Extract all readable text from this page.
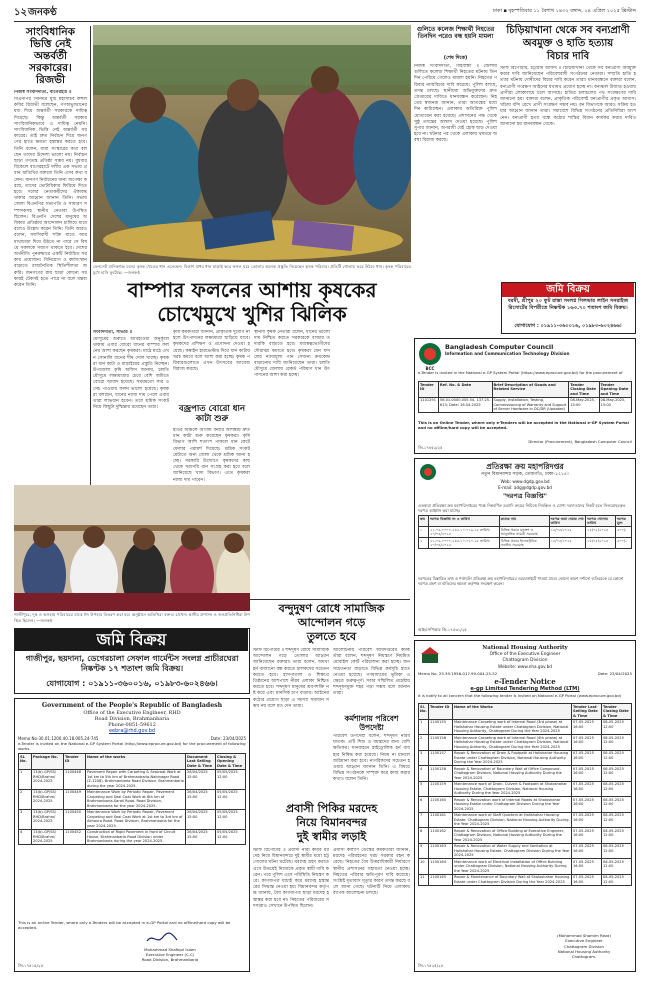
১২ জনকণ্ঠ	ঢাকা ▪ বৃহস্পতিবার ১১ বৈশাখ ১৪৩২ বঙ্গাব্দ, ২৪ এপ্রিল ২০২৫ খ্রিস্টাব্দ
সাংবিধানিক ভিত্তি নেই অন্তর্বর্তী সরকারের। রিজভী
নিজস্ব সংবাদদাতা, বাগেরহাট ॥
বিএনপির সিনিয়র যুগ্ম মহাসচিব রুহুল কবির রিজভী বলেছেন, গণঅভ্যুত্থানের মধ্য দিয়ে অন্তর্বর্তী সরকারকে দায়িত্ব দিয়েছে। কিন্তু অন্তর্বর্তী সরকার সাংবিধানিকভাবে এ দায়িত্ব নেয়নি। সাংবিধানিক ভিত্তি নেই অন্তর্বর্তী সরকারের। তাই দ্রুত নির্বাচন দিয়ে জনগণের হাতে ক্ষমতা হস্তান্তর করতে হবে। তিনি বলেন, যারা সংস্কারের কথা বলছেন তাদের উদ্দেশ্য ভালো নয়। নির্বাচন ছাড়া গণতন্ত্র প্রতিষ্ঠা সম্ভব নয়। বুধবার বিকেলে বাগেরহাটে দলীয় এক সভায় প্রধান অতিথির বক্তব্যে তিনি এসব কথা বলেন। জনগণ নির্বাচনের জন্য অপেক্ষা করছে, তাদের ভোটাধিকার ফিরিয়ে দিতে হবে। দলের নেতাকর্মীদের ঐক্যবদ্ধ থাকার আহ্বান জানান তিনি। সভায় জেলা বিএনপির সভাপতি ও সাধারণ সম্পাদকসহ স্থানীয় নেতারা উপস্থিত ছিলেন। বিএনপি দেশের মানুষের অধিকার প্রতিষ্ঠায় আন্দোলন চালিয়ে যাবে বলেও উল্লেখ করেন তিনি। তিনি আরও বলেন, ফ্যাসিবাদী শক্তি যাতে আর মাথাচাড়া দিয়ে উঠতে না পারে সে বিষয়ে সকলকে সজাগ থাকতে হবে। দেশের অর্থনীতি পুনরুদ্ধারে একটি নির্বাচিত সরকার প্রয়োজন। বিনিয়োগ ও কর্মসংস্থান বাড়াতে রাজনৈতিক স্থিতিশীলতা জরুরি। জনগণের রায় ছাড়া কোনো সরকারই টেকসই হতে পারে না বলে মন্তব্য করেন তিনি।
ফেনসেট মানিকগঞ্জ মনের কৃষক খেতের ধান এনেছেন। বিকাশ মাধব ধান মাড়াই করে ফসল ঘরে তোলার অনেক প্রস্তুতি নিয়েছেন কৃষক পরিবার। প্রতিটি গোলায় ভরে উঠবে ধান। কৃষক পরিবারের মুখে হাসি ফুটেছে। —জনকণ্ঠ
বাম্পার ফলনের আশায় কৃষকের
চোখেমুখে খুশির ঝিলিক
সংবাদদাতা, সাভার ॥
মৌসুমের শুরুতে আবহাওয়া অনুকূলে থাকায় এবার বোরো ধানের বাম্পার ফলনের আশা করছেন কৃষকরা। মাঠে মাঠে এখন সোনালি ধানের শীষ দোল খাচ্ছে। কৃষকরা ধান কাটা ও মাড়াইয়ের প্রস্তুতি নিচ্ছেন। উপজেলা কৃষি অফিস জানায়, চলতি মৌসুমে লক্ষ্যমাত্রার চেয়ে বেশি জমিতে বোরো আবাদ হয়েছে। সময়মতো সার ও সেচ পাওয়ায় ফলন ভালো হয়েছে। কৃষকরা বলছেন, ধানের ন্যায্য দাম পেলে এবার তারা লাভবান হবেন। তবে শ্রমিক সংকট নিয়ে কিছুটা দুশ্চিন্তায় রয়েছেন তারা।
কৃষি কর্মকর্তারা জানান, প্রাকৃতিক দুর্যোগ না হলে উৎপাদনের লক্ষ্যমাত্রা ছাড়িয়ে যাবে। কৃষকদের প্রশিক্ষণ ও প্রণোদনা দেওয়া হয়েছে। কম্বাইন হারভেস্টার দিয়ে ধান কাটায় খরচ কমবে বলে আশা করা হচ্ছে। কৃষক পরিবারগুলোতে এখন উৎসবের আমেজ বিরাজ করছে।
বজ্রপাত বোরো ধান কাটা শুরু
হাওর অঞ্চলে আগাম বন্যার আশঙ্কায় দ্রুত ধান কাটা শুরু করেছেন কৃষকরা। কৃষি বিভাগ আশি শতাংশ পাকলে ধান কেটে ফেলার পরামর্শ দিয়েছে। শ্রমিক সংকট মেটাতে অন্য জেলা থেকে শ্রমিক আনা হচ্ছে। সরকারি উদ্যোগে কৃষকদের কাছ থেকে সরাসরি ধান সংগ্রহ করা হবে বলে জানিয়েছে খাদ্য বিভাগ। এতে কৃষকরা ন্যায্য দাম পাবেন।
স্থানীয় কৃষক নেতারা বলেন, ধানের ভালো দাম নিশ্চিত করতে সরকারকে বাজার তদারকি বাড়াতে হবে। মধ্যস্বত্বভোগীদের দৌরাত্ম্য কমাতে হবে। কৃষকরা যেন ফসলের ন্যায্যমূল্য পান সেজন্য ক্রয়কেন্দ্র বাড়ানোর দাবি জানিয়েছেন তারা। চলতি মৌসুমে জেলায় রেকর্ড পরিমাণ ধান উৎপাদনের আশা করা হচ্ছে।
গুলিতে কলেজ শিক্ষার্থী নিহতের তিনদিন পরেও বন্ধ হয়নি মামলা
(শেষ দিকে)
নিজস্ব সংবাদদাতা, গাইবান্ধা ॥ জেলায় গুলিতে কলেজ শিক্ষার্থী নিহতের ঘটনায় তিনদিন পেরিয়ে গেলেও মামলা হয়নি। নিহতের পরিবার ন্যায়বিচার দাবি করেছে। পুলিশ বলছে, তদন্ত চলছে। স্থানীয়রা অভিযুক্তদের দ্রুত গ্রেপ্তারের দাবিতে মানববন্ধন করেছেন। নিহতের স্বজনরা জানান, তারা আতঙ্কের মধ্যে দিন কাটাচ্ছেন। এলাকায় অতিরিক্ত পুলিশ মোতায়েন করা হয়েছে। প্রশাসনের পক্ষ থেকে সুষ্ঠু তদন্তের আশ্বাস দেওয়া হয়েছে। পুলিশ সুপার জানান, অপরাধী যেই হোক ছাড় দেওয়া হবে না। ঘটনার পর থেকে এলাকায় থমথমে অবস্থা বিরাজ করছে।
চিড়িয়াখানা থেকে সব বন্যপ্রাণী
অবমুক্ত ও হাতি হত্যায়
বিচার দাবি
স্টাফ রিপোর্টার, চট্টগ্রাম অফিস ॥ চিড়িয়াখানা থেকে সব বন্যপ্রাণী অবমুক্ত করার দাবি জানিয়েছেন পরিবেশবাদী সংগঠনের নেতারা। সম্প্রতি হাতি হত্যার ঘটনায় দোষীদের বিচার দাবি করেন তারা। মানববন্ধনে বক্তারা বলেন, বন্যপ্রাণী সংরক্ষণ আইনের যথাযথ প্রয়োগ হচ্ছে না। বনাঞ্চল উজাড় হওয়ায় প্রাণীরা লোকালয়ে চলে আসছে। হাতির চলাচলের পথ সংরক্ষণের দাবি জানানো হয়। বক্তারা বলেন, প্রাকৃতিক পরিবেশই বন্যপ্রাণীর প্রকৃত আবাস। খাঁচায় বন্দি রেখে প্রাণী সংরক্ষণ সম্ভব নয়। বন বিভাগকে আরও সক্রিয় হওয়ার আহ্বান জানান তারা। সমাবেশে বিভিন্ন সংগঠনের প্রতিনিধিরা অংশ নেন। বন্যপ্রাণী হত্যা বন্ধে কঠোর শাস্তির বিধান কার্যকর করার দাবিও জানানো হয় মানববন্ধন থেকে।
জমি বিক্রয়
বরমী, শ্রীপুর ২০ ফুট রাস্তা সংলগ্ন সিলভার লাইন সনরাইজ রিসোর্টের বিপরীতে নিষ্কণ্টক ১৬৩.৭০ শতাংশ জমি বিক্রয়।
যোগাযোগ : ০১৯১১-৩৬০০১৬, ০১৯৮৩-৬০২৪৬৬।
BCC
Bangladesh Computer Council
Information and Communication Technology Division
e-Tender is invited in the National e-GP System Portal (https://www.eprocure.gov.bd) for the procurement of
Tender ID	Ref. No. & Date	Brief Description of Goods and Related Service	Tender Closing Date and Time	Tender Opening Date and Time
1101291	56.01.0000.005.54. 137.25-613; Date: 16.04.2025	Supply, Installation, Testing, Commissioning of Warranty and Support of Server Hardware in DC/DR (Updated)	08-May-2025, 15:00	08-May-2025, 15:00
This is an Online Tender, where only e-Tenders will be accepted in the National e-GP System Portal and no offline/hard copy will be accepted.
Director (Procurement), Bangladesh Computer Council
জি-১৭৪৫২/২৫
বন্দুদুষণ রোধে সামাজিক
আন্দোলন গড়ে
তুলতে হবে
স্টাফ রিপোর্টার ॥ শব্দদূষণ রোধে সামাজিক আন্দোলন গড়ে তোলার আহ্বান জানিয়েছেন বক্তারা। তারা বলেন, অযথা হর্ন বাজানো বন্ধ করতে চালকদের সচেতন করতে হবে। হাসপাতাল ও শিক্ষাপ্রতিষ্ঠানের আশপাশে নীরব এলাকা নিশ্চিত করতে হবে। শব্দদূষণ মানুষের শ্রবণশক্তি নষ্ট করে এবং মানসিক চাপ বাড়ায়। আইনের কঠোর প্রয়োগ ছাড়া এ সমস্যা সমাধান সম্ভব নয় বলে মত দেন তারা।
আলোচনায় পরিবেশ অধিদপ্তরের কর্মকর্তারা বলেন, শব্দদূষণ নিয়ন্ত্রণে নিয়মিত মোবাইল কোর্ট পরিচালনা করা হচ্ছে। জনসচেতনতা বাড়াতে বিভিন্ন কর্মসূচি হাতে নেওয়া হয়েছে। গণমাধ্যমের ভূমিকা এক্ষেত্রে গুরুত্বপূর্ণ। সবার সম্মিলিত প্রচেষ্টায় শব্দদূষণমুক্ত শহর গড়া সম্ভব বলে জানান তারা।
কর্মশালায় পরিবেশ উপদেষ্টা
পরিবেশ উপদেষ্টা বলেন, শব্দদূষণ নীরব ঘাতক। এটি শিশু ও বয়স্কদের জন্য বেশি ক্ষতিকর। যানবাহনে হাইড্রোলিক হর্ন ব্যবহার নিষিদ্ধ করা হয়েছে। নিয়ম না মানলে জরিমানা করা হবে। নাগরিকদের সচেতন হওয়ার আহ্বান জানান তিনি। এ বিষয়ে বিভিন্ন সংগঠনকে সম্পৃক্ত করে কাজ করার কথাও বলেন তিনি।
গাজীপুরে, দুস্থ ও অসহায় পরিবারের মাঝে ঈদ উপহার বিতরণ করা হয়। অনুষ্ঠানে অতিথিরা বক্তব্য রাখেন। স্থানীয় প্রশাসন ও জনপ্রতিনিধিরা উপস্থিত ছিলেন। —জনকণ্ঠ
জমি বিক্রয়
গাজীপুর, ছয়দানা, ডেগেরচালা সেফাল গার্মেন্টস সংলগ্ন প্রাচীরঘেরা নিষ্কণ্টক ১৭ শতাংশ জমি বিক্রয়।
যোগাযোগ : ০১৯১১-৩৬০০১৬, ০১৯৮৩-৬০২৪৬৬।
Government of the People's Republic of Bangladesh
Office of the Executive Engineer, RHD
Road Division, Brahmanbaria
Phone-0851-59612
eebra@rhd.gov.bd
Memo No-30.01.1200.40.18.005.24-745	Date: 23/04/2025
e-Tender is invited on the National e-GP System Portal (http://www.eprocure.gov.bd) for the procurement of following works.
SL No.	Package No.	Tender ID	Name of the works	Document Last Selling Date & Time	Closing & Opening Date & Time
1	13(b)-GP/SS/ RHD/Brahm/ 2024-2025	1100446	Pavement Repair with Carpeting & Sealcoat Work at 1st km to 5th km of Brahmanbaria-Nabinagar Road (Z-1208). Brahmanbaria Road Division, Brahmanbaria during the year 2024-2025.	26/04/2025 15:00	05/05/2025 12:00
2	13(b)-GP/SS/ RHD/Brahm/ 2024-2025	1100449	Maintenance Work by Periodic Repair, Pavement Carpeting and Seal Coat Work at 6th km of Brahmanbaria-Sarail Road. Road Division, Brahmanbaria for the year 2024-2025.	26/04/2025 15:00	05/05/2025 12:00
3	13(b)-GP/SS/ RHD/Brahm/ 2024-2025	1100450	Maintenance Work by Periodic Repair, Pavement Carpeting and Seal Coat Work at 1st km to 3rd km of Akhaura Road. Road Division, Brahmanbaria for the year 2024-2025.	26/04/2025 15:00	05/05/2025 12:00
4	13(b)-GP/SS/ RHD/Brahm/ 2024-2025	1100452	Construction of Rigid Pavement in front of Circuit House, Brahmanbaria Road Division under Brahmanbaria during the year 2024-2025.	26/04/2025 15:00	05/05/2025 12:00
This is an online Tender, where only e-Tenders will be accepted in e-GP Portal and no offline/hard copy will be accepted.
Mohammad Shafiqul Islam
Executive Engineer (C.C)
Road Division, Brahmanbaria
জি-১৭৫১৫/২৫
প্রবাসী পিকির মরদেহ
নিয়ে বিমানবন্দর
দুই স্বামীর লড়াই
স্টাফ রিপোর্টার ॥ প্রবাসী নারী কর্মীর মরদেহ নিয়ে বিমানবন্দরে দুই স্বামীর মধ্যে হট্টগোলের ঘটনা ঘটেছে। মরদেহ গ্রহণ করতে এসে উভয়েই নিজেকে প্রকৃত স্বামী দাবি করেন। পরে পুলিশ এসে পরিস্থিতি নিয়ন্ত্রণ করে। কাগজপত্র যাচাই করে মরদেহ হস্তান্তরের সিদ্ধান্ত নেওয়া হয়। বিমানবন্দর কর্তৃপক্ষ জানায়, বৈধ কাগজপত্র ছাড়া মরদেহ হস্তান্তর করা হবে না। নিহতের পরিবারের সদস্যরাও সেখানে উপস্থিত ছিলেন।
প্রবাসী কল্যাণ ডেস্কের কর্মকর্তারা জানান, মরদেহ পরিবহনের খরচ সরকার বহন করেছে। নিহতের বৈধ উত্তরাধিকারী নির্ধারণে স্থানীয় প্রশাসনের সহায়তা নেওয়া হচ্ছে। নিহতের পরিবার ক্ষতিপূরণ দাবি করেছে। সংশ্লিষ্ট দূতাবাস মৃত্যুর কারণ তদন্ত করছে বলে জানা গেছে। ঘটনাটি নিয়ে এলাকায় ব্যাপক আলোচনা চলছে।
প্রতিরক্ষা ক্রয় মহাপরিদপ্তর
নতুন বিমানবন্দর সড়ক, তেজগাঁও, ঢাকা-১২১৫।
Web: www.dgdp.gov.bd
E-mail: adg@dgdp.gov.bd
"দরপত্র বিজ্ঞপ্তি"
এতদ্বারা প্রতিরক্ষা ক্রয় মহাপরিদপ্তরের পক্ষে নিম্নবর্ণিত দ্রব্যাদি ক্রয়ের নিমিত্তে নিবন্ধিত ও যোগ্য দরদাতাদের নিকট হতে সিলমোহরকৃত দরপত্র আহ্বান করা যাচ্ছে।
ক্রম	দরপত্র বিজ্ঞপ্তি নং ও তারিখ	দ্রব্যের নাম	দরপত্র জমা দেয়ার শেষ তারিখ	দরপত্র খোলার তারিখ	দরপত্র মূল্য
১	২১.০৬.০০০০.২৪৫.১০.০১৯.২৫ তারিখ: ২০/০৪/২০২৫	বিভিন্ন প্রকার যন্ত্রাংশ ও আনুষঙ্গিক সামগ্রী সরবরাহ	১৫/০৫/২০২৫	১৫/০৫/২০২৫	৫০০/-
২	২১.০৬.০০০০.২৪৫.১০.০২০.২৫ তারিখ: ২০/০৪/২০২৫	বিভিন্ন প্রকার ইলেকট্রনিক সরঞ্জাম সরবরাহ	১৫/০৫/২০২৫	১৫/০৫/২০২৫	৫০০/-
দরপত্রের বিস্তারিত তথ্য ও শর্তাবলি প্রতিরক্ষা ক্রয় মহাপরিদপ্তরের ওয়েবসাইটে পাওয়া যাবে। কোনো কারণ দর্শানো ব্যতিরেকে যে কোনো দরপত্র গ্রহণ বা বাতিলের ক্ষমতা কর্তৃপক্ষ সংরক্ষণ করেন।
আইএসপিআর জি-১৭৫৩১/২৫
National Housing Authority
Office of the Executive Engineer
Chattogram Division
Website: www.nha.gov.bd
Memo No. 25.39.1956.017.99.004.25-52	Date: 23/04/2025
e-Tender Notice
e-gp Limited Tendering Method (LTM)
It is notify to all concern that the following tender is invited on National e-GP Portal (www.eprocure.gov.bd)
Sl. No.	Tender ID	Name of the Works	Tender Last Selling Date & Time	Tender Closing Date & Time
1	1100155	Maintenance Carpeting work of Internal Road (3rd phase) at Halishahar Housing Estate under Chattogram Division, National Housing Authority, Chattogram During the Year 2024-2025	07-05-2025 16:00	08-05-2025 12:00
2	1100156	Maintenance Carpeting work of Internal Road (4th phase) at Halishahar Housing Estate under Chattogram Division, National Housing Authority, Chattogram During the Year 2024-2025	07-05-2025 16:00	08-05-2025 12:00
3	1100157	Repair & Renovation of Drain & Footpath at Halishahar Housing Estate under Chattogram Division, National Housing Authority During the Year 2024-2025	07-05-2025 16:00	08-05-2025 12:00
4	1100158	Repair & Renovation of Boundary Wall of Office Compound, Chattogram Division, National Housing Authority During the Year 2024-2025	07-05-2025 16:00	08-05-2025 12:00
5	1100159	Maintenance work of Drain, Culvert & Footpath at Sholoshahar Housing Estate, Chattogram Division, National Housing Authority During the Year 2024-2025	07-05-2025 16:00	08-05-2025 12:00
6	1100160	Repair & Renovation work of Internal Roads at Sholoshahar Housing Estate under Chattogram Division During the Year 2024-2025	07-05-2025 16:00	08-05-2025 12:00
7	1100161	Maintenance work of Staff Quarters at Halishahar Housing Estate, Chattogram Division, National Housing Authority During the Year 2024-2025	07-05-2025 16:00	08-05-2025 12:00
8	1100162	Repair & Renovation of Office Building of Executive Engineer, Chattogram Division, National Housing Authority During the Year 2024-2025	07-05-2025 16:00	08-05-2025 12:00
9	1100163	Repair & Renovation of Water Supply and Sanitation at Halishahar Housing Estate, Chattogram Division During the Year 2024-2025	07-05-2025 16:00	08-05-2025 12:00
10	1100164	Maintenance work of Electrical Installation of Office Building under Chattogram Division, National Housing Authority During the Year 2024-2025	07-05-2025 16:00	08-05-2025 12:00
11	1100165	Repair & Maintenance of Boundary Wall at Sholoshahar Housing Estate under Chattogram Division During the Year 2024-2025	07-05-2025 16:00	08-05-2025 12:00
(Mohammad Shamim Reza)
Executive Engineer
Chattogram Division
National Housing Authority
Chattogram.
জি-১৭৫২৫/২৫
